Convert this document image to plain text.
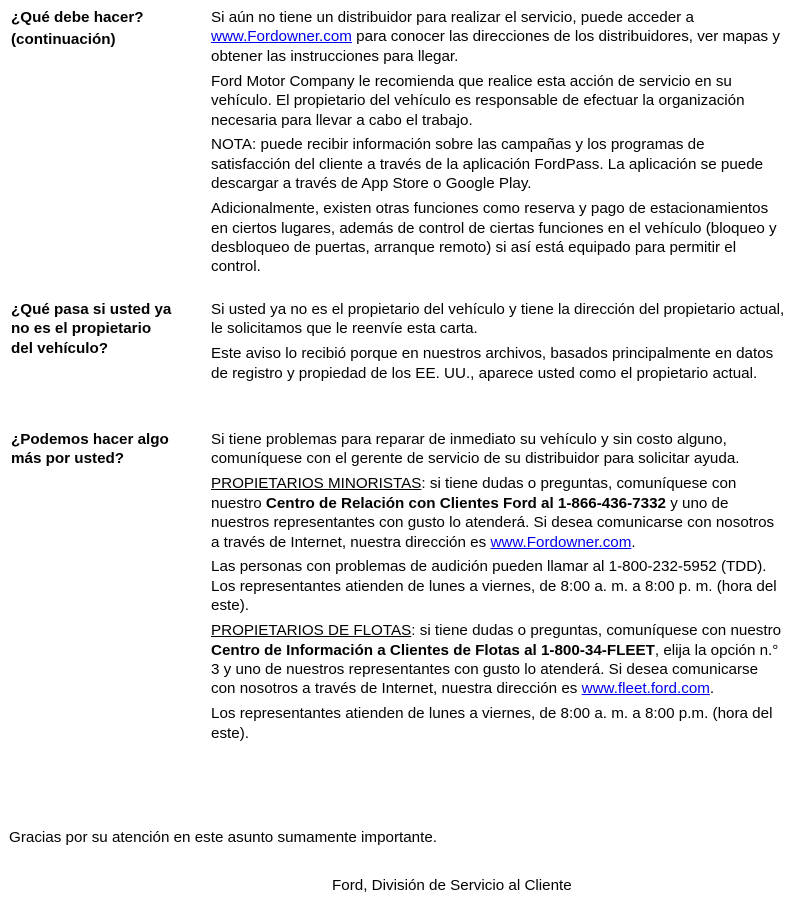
¿Qué debe hacer?
(continuación)

Si aún no tiene un distribuidor para realizar el servicio, puede acceder a www.Fordowner.com para conocer las direcciones de los distribuidores, ver mapas y obtener las instrucciones para llegar.

Ford Motor Company le recomienda que realice esta acción de servicio en su vehículo. El propietario del vehículo es responsable de efectuar la organización necesaria para llevar a cabo el trabajo.

NOTA: puede recibir información sobre las campañas y los programas de satisfacción del cliente a través de la aplicación FordPass. La aplicación se puede descargar a través de App Store o Google Play.

Adicionalmente, existen otras funciones como reserva y pago de estacionamientos en ciertos lugares, además de control de ciertas funciones en el vehículo (bloqueo y desbloqueo de puertas, arranque remoto) si así está equipado para permitir el control.

¿Qué pasa si usted ya
no es el propietario
del vehículo?

Si usted ya no es el propietario del vehículo y tiene la dirección del propietario actual, le solicitamos que le reenvíe esta carta.

Este aviso lo recibió porque en nuestros archivos, basados principalmente en datos de registro y propiedad de los EE. UU., aparece usted como el propietario actual.

¿Podemos hacer algo
más por usted?

Si tiene problemas para reparar de inmediato su vehículo y sin costo alguno, comuníquese con el gerente de servicio de su distribuidor para solicitar ayuda.

PROPIETARIOS MINORISTAS: si tiene dudas o preguntas, comuníquese con nuestro Centro de Relación con Clientes Ford al 1-866-436-7332 y uno de nuestros representantes con gusto lo atenderá. Si desea comunicarse con nosotros a través de Internet, nuestra dirección es www.Fordowner.com.

Las personas con problemas de audición pueden llamar al 1-800-232-5952 (TDD). Los representantes atienden de lunes a viernes, de 8:00 a. m. a 8:00 p. m. (hora del este).

PROPIETARIOS DE FLOTAS: si tiene dudas o preguntas, comuníquese con nuestro Centro de Información a Clientes de Flotas al 1-800-34-FLEET, elija la opción n.° 3 y uno de nuestros representantes con gusto lo atenderá. Si desea comunicarse con nosotros a través de Internet, nuestra dirección es www.fleet.ford.com.

Los representantes atienden de lunes a viernes, de 8:00 a. m. a 8:00 p.m. (hora del este).

Gracias por su atención en este asunto sumamente importante.
Ford, División de Servicio al Cliente
